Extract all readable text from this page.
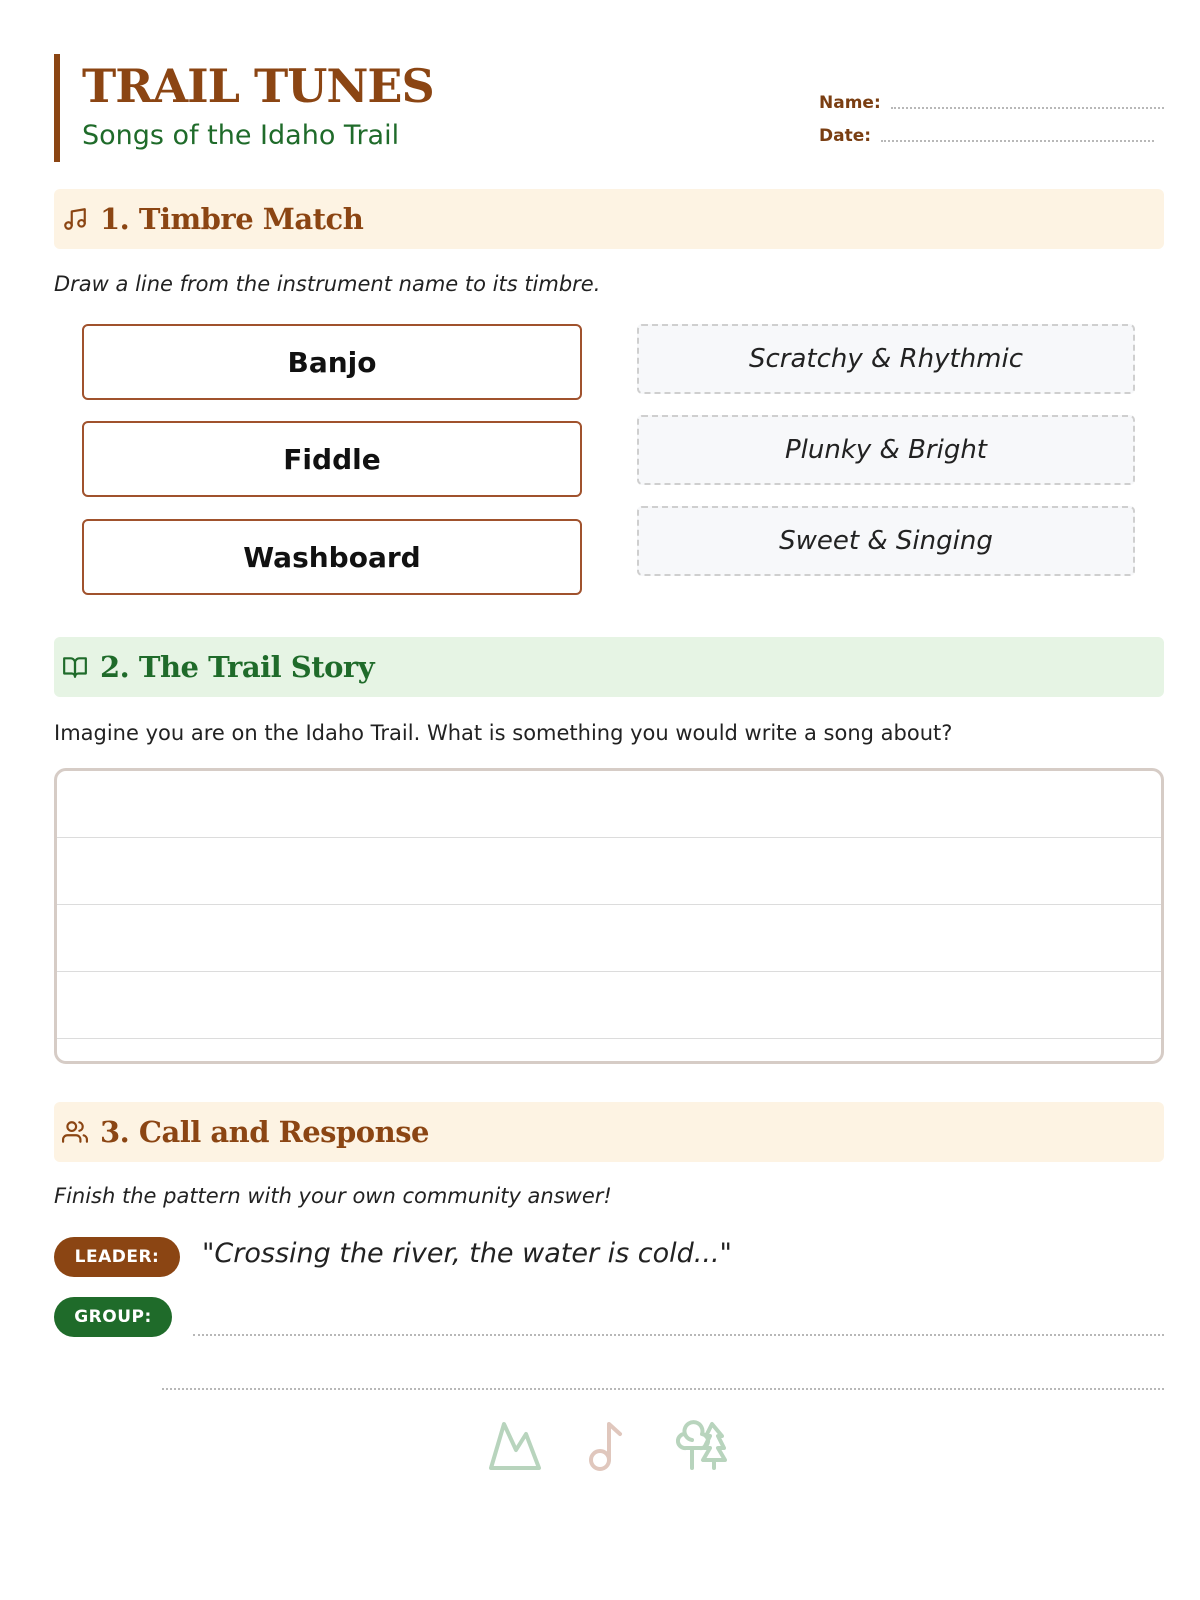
TRAIL TUNES
Songs of the Idaho Trail
Name:
Date:
1. Timbre Match
Draw a line from the instrument name to its timbre.
Banjo
Fiddle
Washboard
Scratchy & Rhythmic
Plunky & Bright
Sweet & Singing
2. The Trail Story
Imagine you are on the Idaho Trail. What is something you would write a song about?
3. Call and Response
Finish the pattern with your own community answer!
LEADER:	"Crossing the river, the water is cold..."
GROUP:
